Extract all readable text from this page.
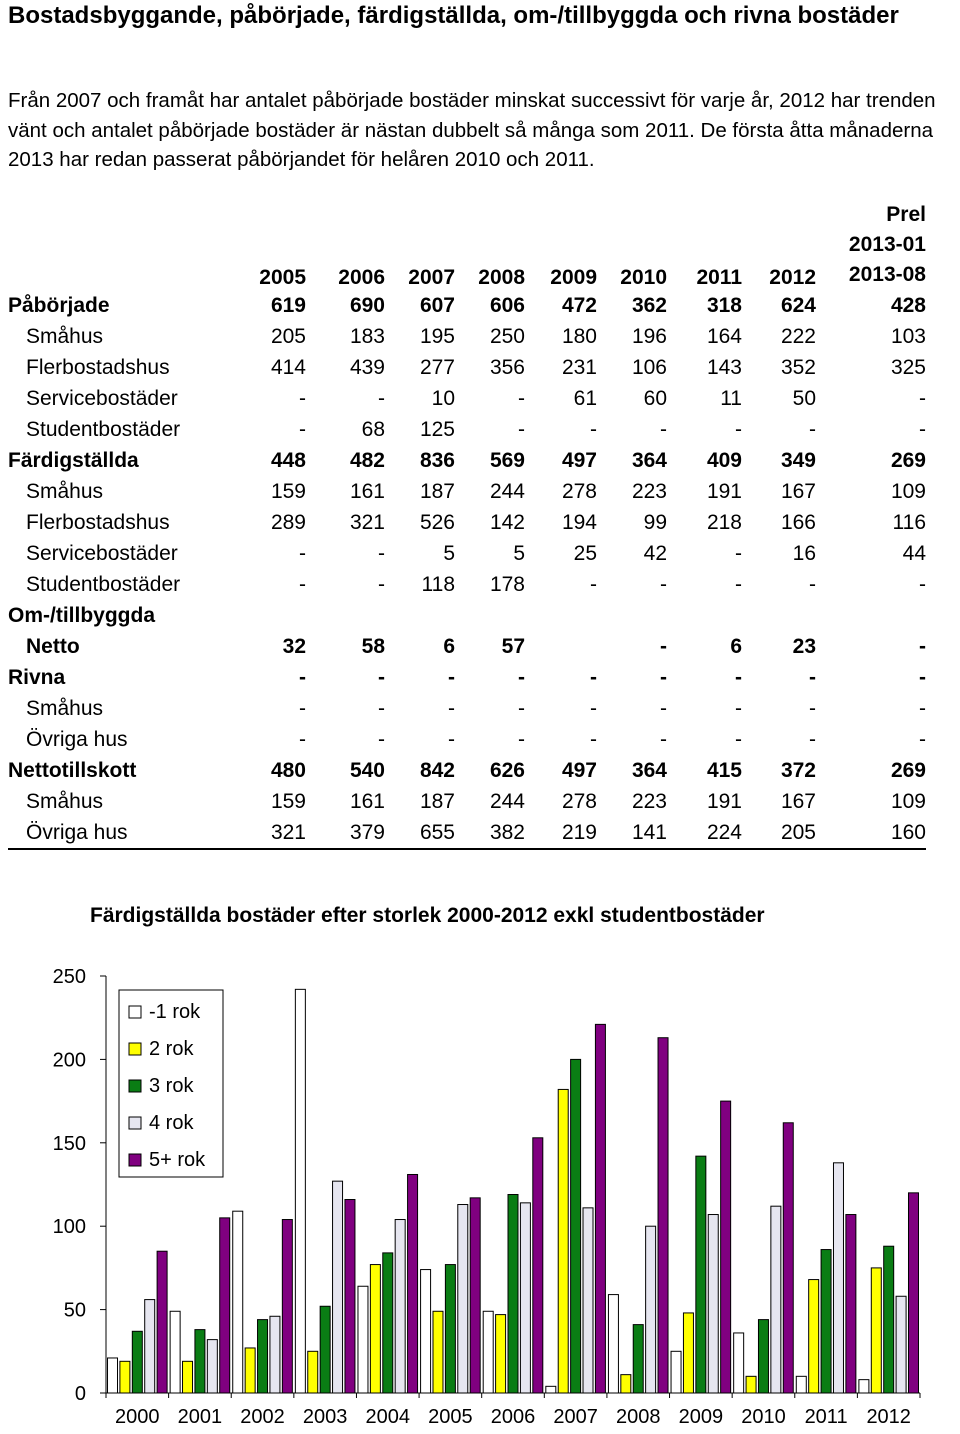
Bostadsbyggande, påbörjade, färdigställda, om-/tillbyggda och rivna bostäder
Från 2007 och framåt har antalet påbörjade bostäder minskat successivt för varje år, 2012 har trenden vänt och antalet påbörjade bostäder är nästan dubbelt så många som 2011. De första åtta månaderna 2013 har redan passerat påbörjandet för helåren 2010 och 2011.
	2005	2006	2007	2008	2009	2010	2011	2012	Prel
2013-01
2013-08

Påbörjade	619	690	607	606	472	362	318	624	428
Småhus	205	183	195	250	180	196	164	222	103
Flerbostadshus	414	439	277	356	231	106	143	352	325
Servicebostäder	-	-	10	-	61	60	11	50	-
Studentbostäder	-	68	125	-	-	-	-	-	-
Färdigställda	448	482	836	569	497	364	409	349	269
Småhus	159	161	187	244	278	223	191	167	109
Flerbostadshus	289	321	526	142	194	99	218	166	116
Servicebostäder	-	-	5	5	25	42	-	16	44
Studentbostäder	-	-	118	178	-	-	-	-	-
Om-/tillbyggda									
Netto	32	58	6	57		-	6	23	-
Rivna	-	-	-	-	-	-	-	-	-
Småhus	-	-	-	-	-	-	-	-	-
Övriga hus	-	-	-	-	-	-	-	-	-
Nettotillskott	480	540	842	626	497	364	415	372	269
Småhus	159	161	187	244	278	223	191	167	109
Övriga hus	321	379	655	382	219	141	224	205	160
Färdigställda bostäder efter storlek 2000-2012 exkl studentbostäder
0
50
100
150
200
250
2000 2001 2002 2003 2004 2005 2006 2007 2008 2009 2010 2011 2012
-1 rok
2 rok
3 rok
4 rok
5+ rok
